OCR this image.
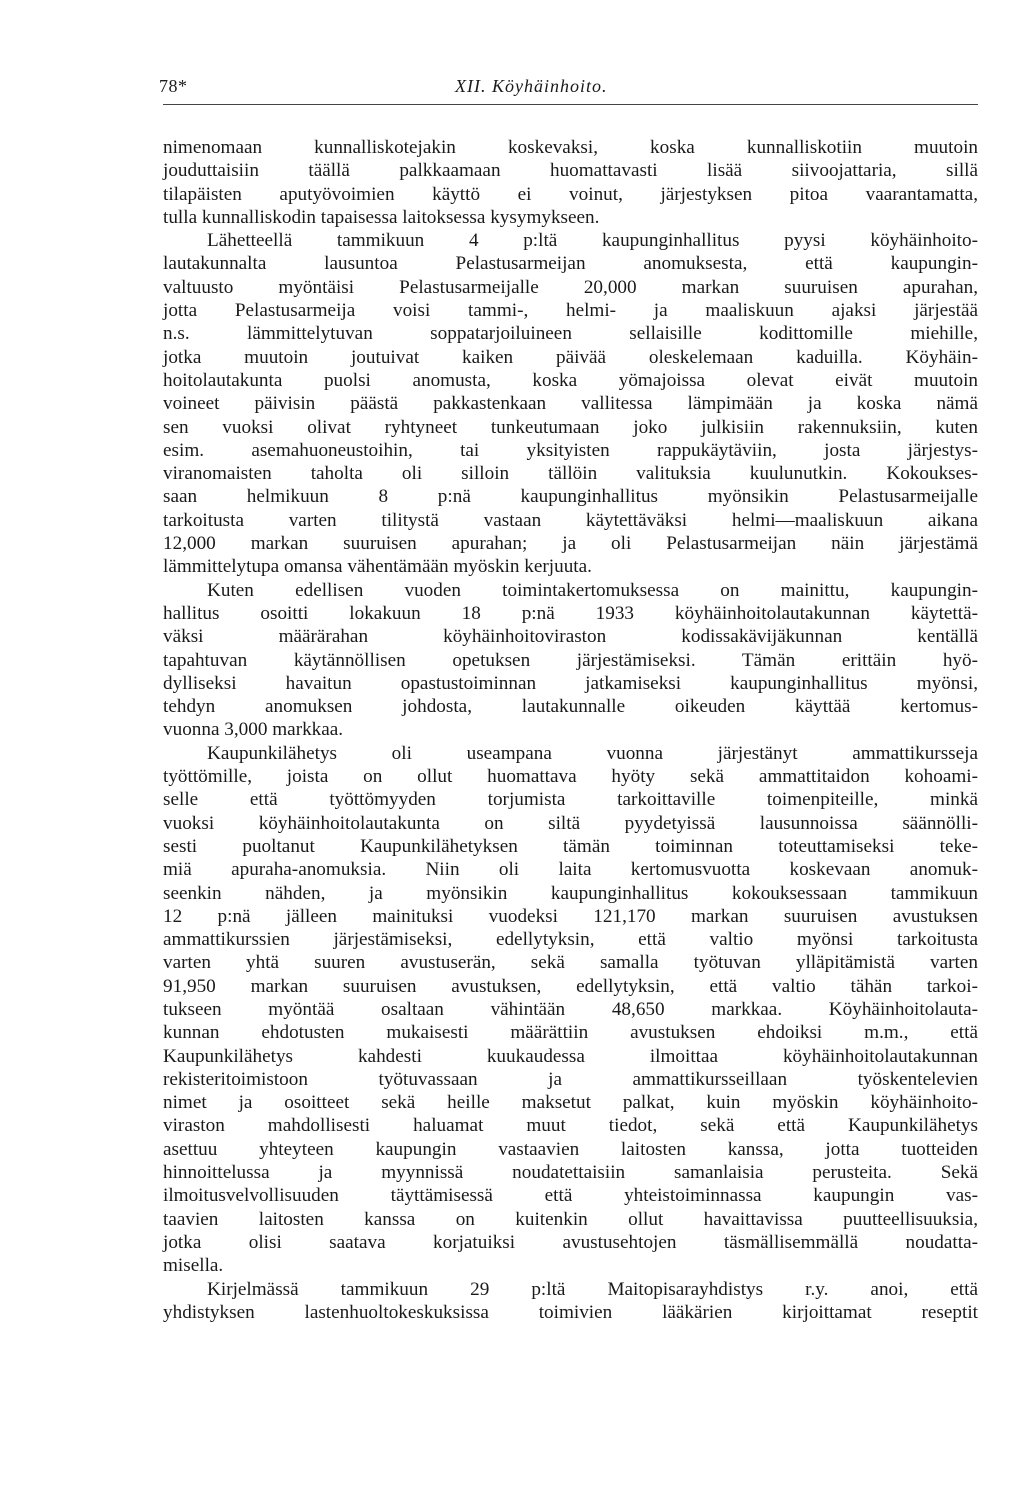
78*	XII. Köyhäinhoito.
nimenomaan kunnalliskotejakin koskevaksi, koska kunnalliskotiin muutoin
jouduttaisiin täällä palkkaamaan huomattavasti lisää siivoojattaria, sillä
tilapäisten aputyövoimien käyttö ei voinut, järjestyksen pitoa vaarantamatta,
tulla kunnalliskodin tapaisessa laitoksessa kysymykseen.
Lähetteellä tammikuun 4 p:ltä kaupunginhallitus pyysi köyhäinhoito-
lautakunnalta lausuntoa Pelastusarmeijan anomuksesta, että kaupungin-
valtuusto myöntäisi Pelastusarmeijalle 20,000 markan suuruisen apurahan,
jotta Pelastusarmeija voisi tammi-, helmi- ja maaliskuun ajaksi järjestää
n.s. lämmittelytuvan soppatarjoiluineen sellaisille kodittomille miehille,
jotka muutoin joutuivat kaiken päivää oleskelemaan kaduilla. Köyhäin-
hoitolautakunta puolsi anomusta, koska yömajoissa olevat eivät muutoin
voineet päivisin päästä pakkastenkaan vallitessa lämpimään ja koska nämä
sen vuoksi olivat ryhtyneet tunkeutumaan joko julkisiin rakennuksiin, kuten
esim. asemahuoneustoihin, tai yksityisten rappukäytäviin, josta järjestys-
viranomaisten taholta oli silloin tällöin valituksia kuulunutkin. Kokoukses-
saan helmikuun 8 p:nä kaupunginhallitus myönsikin Pelastusarmeijalle
tarkoitusta varten tilitystä vastaan käytettäväksi helmi—maaliskuun aikana
12,000 markan suuruisen apurahan; ja oli Pelastusarmeijan näin järjestämä
lämmittelytupa omansa vähentämään myöskin kerjuuta.
Kuten edellisen vuoden toimintakertomuksessa on mainittu, kaupungin-
hallitus osoitti lokakuun 18 p:nä 1933 köyhäinhoitolautakunnan käytettä-
väksi määrärahan köyhäinhoitoviraston kodissakävijäkunnan kentällä
tapahtuvan käytännöllisen opetuksen järjestämiseksi. Tämän erittäin hyö-
dylliseksi havaitun opastustoiminnan jatkamiseksi kaupunginhallitus myönsi,
tehdyn anomuksen johdosta, lautakunnalle oikeuden käyttää kertomus-
vuonna 3,000 markkaa.
Kaupunkilähetys oli useampana vuonna järjestänyt ammattikursseja
työttömille, joista on ollut huomattava hyöty sekä ammattitaidon kohoami-
selle että työttömyyden torjumista tarkoittaville toimenpiteille, minkä
vuoksi köyhäinhoitolautakunta on siltä pyydetyissä lausunnoissa säännölli-
sesti puoltanut Kaupunkilähetyksen tämän toiminnan toteuttamiseksi teke-
miä apuraha-anomuksia. Niin oli laita kertomusvuotta koskevaan anomuk-
seenkin nähden, ja myönsikin kaupunginhallitus kokouksessaan tammikuun
12 p:nä jälleen mainituksi vuodeksi 121,170 markan suuruisen avustuksen
ammattikurssien järjestämiseksi, edellytyksin, että valtio myönsi tarkoitusta
varten yhtä suuren avustuserän, sekä samalla työtuvan ylläpitämistä varten
91,950 markan suuruisen avustuksen, edellytyksin, että valtio tähän tarkoi-
tukseen myöntää osaltaan vähintään 48,650 markkaa. Köyhäinhoitolauta-
kunnan ehdotusten mukaisesti määrättiin avustuksen ehdoiksi m.m., että
Kaupunkilähetys kahdesti kuukaudessa ilmoittaa köyhäinhoitolautakunnan
rekisteritoimistoon työtuvassaan ja ammattikursseillaan työskentelevien
nimet ja osoitteet sekä heille maksetut palkat, kuin myöskin köyhäinhoito-
viraston mahdollisesti haluamat muut tiedot, sekä että Kaupunkilähetys
asettuu yhteyteen kaupungin vastaavien laitosten kanssa, jotta tuotteiden
hinnoittelussa ja myynnissä noudatettaisiin samanlaisia perusteita. Sekä
ilmoitusvelvollisuuden täyttämisessä että yhteistoiminnassa kaupungin vas-
taavien laitosten kanssa on kuitenkin ollut havaittavissa puutteellisuuksia,
jotka olisi saatava korjatuiksi avustusehtojen täsmällisemmällä noudatta-
misella.
Kirjelmässä tammikuun 29 p:ltä Maitopisarayhdistys r.y. anoi, että
yhdistyksen lastenhuoltokeskuksissa toimivien lääkärien kirjoittamat reseptit
